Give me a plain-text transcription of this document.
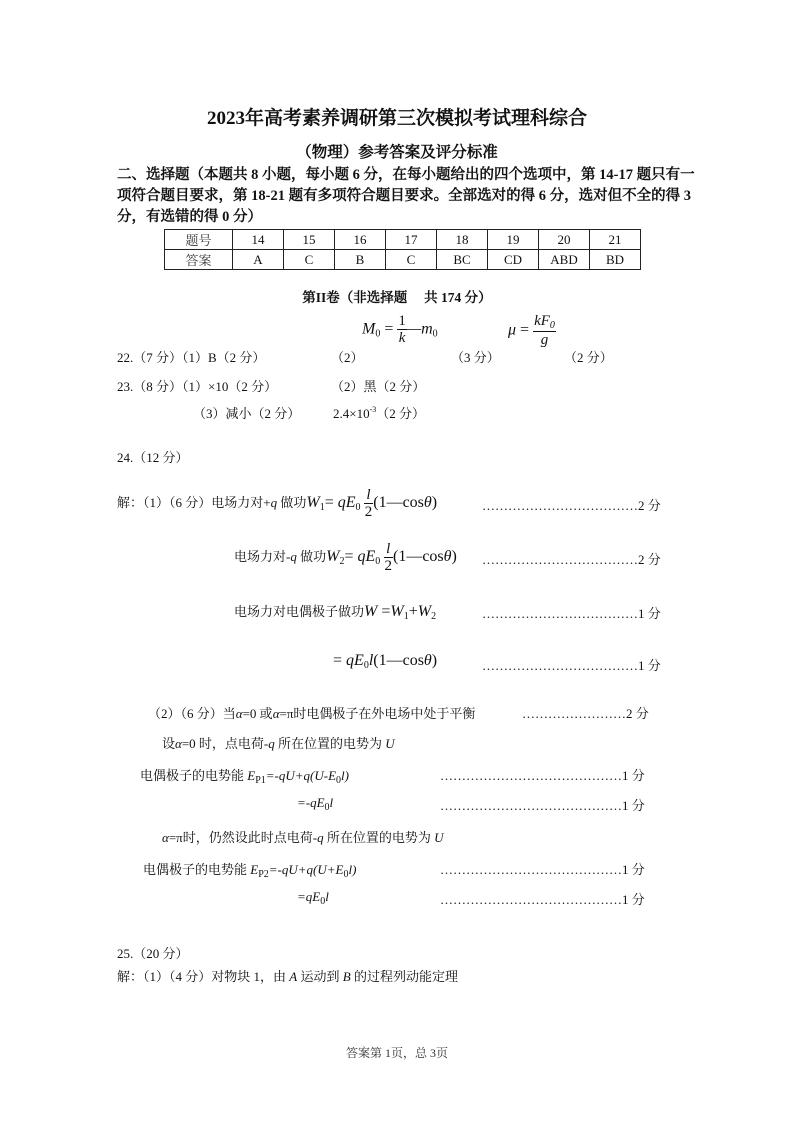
2023年高考素养调研第三次模拟考试理科综合
（物理）参考答案及评分标准
二、选择题（本题共 8 小题，每小题 6 分，在每小题给出的四个选项中，第 14-17 题只有一
项符合题目要求，第 18-21 题有多项符合题目要求。全部选对的得 6 分，选对但不全的得 3
分，有选错的得 0 分）
题号	14	15	16	17	18	19	20	21
答案	A	C	B	C	BC	CD	ABD	BD
第II卷（非选择题　 共 174 分）
22.（7 分）（1）B（2 分）	（2）
$M_0 = \frac{1}{k}$ $—m_0$
（3 分）
$\mu = \frac{kF_0}{g}$
（2 分）
23.（8 分）（1）×10（2 分）	（2）黑（2 分）
（3）减小（2 分）	$2.4\times 10^{-3}(2$ 分）
24.（12 分）
解：（1）（6 分）电场力对+q 做功$W_1= qE_0 \frac{l}{2}$ (1—cosθ)	………………………………2 分
电场力对-q 做功$W_2= qE_0 \frac{l}{2}$ (1—cosθ) ………………………………2 分
电场力对电偶极子做功$W =W_1+W_2$	………………………………1 分
= $qE_0l(1—\cos\theta)$	………………………………1 分
（2）（6 分）当α=0 或α=π时电偶极子在外电场中处于平衡	……………………2 分
设α=0 时，点电荷-q 所在位置的电势为 U
电偶极子的电势能 $E_{P1}=-qU+q(U-E_0l)$	……………………………………1 分
$=-qE_0l$	……………………………………1 分
α=π时，仍然设此时点电荷-q 所在位置的电势为 U
电偶极子的电势能 $E_{P2}=-qU+q(U+E_0l)$	……………………………………1 分
$=qE_0l$	……………………………………1 分
25.（20 分）
解：（1）（4 分）对物块 1，由 A 运动到 B 的过程列动能定理
答案第 1页，总 3页
